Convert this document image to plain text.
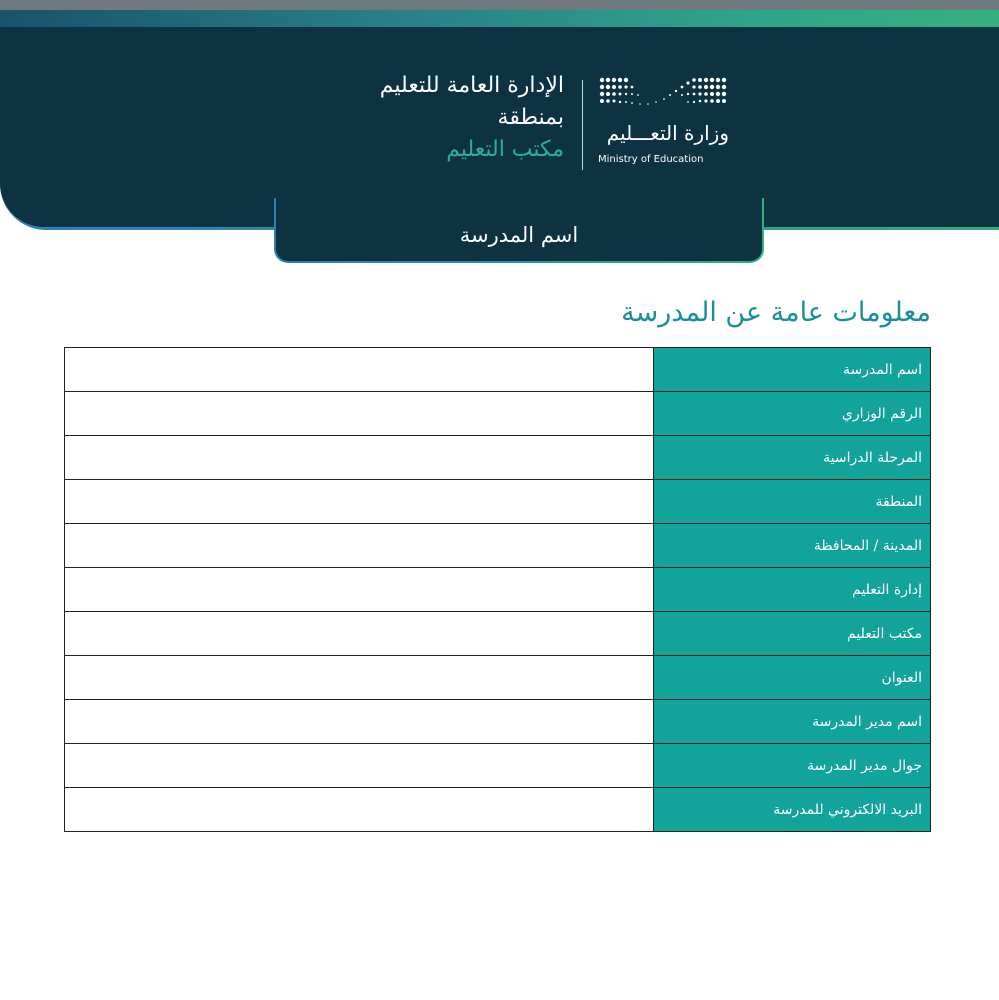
وزارة التعـــليم
Ministry of Education
الإدارة العامة للتعليم
بمنطقة
مكتب التعليم
اسم المدرسة
معلومات عامة عن المدرسة
اسم المدرسة	
الرقم الوزاري	
المرحلة الدراسية	
المنطقة	
المدينة / المحافظة	
إدارة التعليم	
مكتب التعليم	
العنوان	
اسم مدير المدرسة	
جوال مدير المدرسة	
البريد الالكتروني للمدرسة	
